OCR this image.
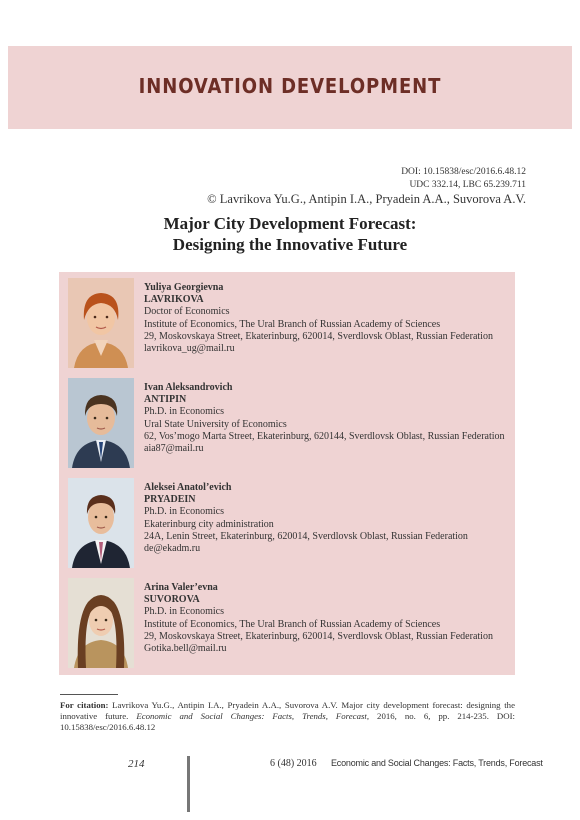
INNOVATION DEVELOPMENT
DOI: 10.15838/esc/2016.6.48.12
UDC 332.14, LBC 65.239.711
© Lavrikova Yu.G., Antipin I.A., Pryadein A.A., Suvorova A.V.
Major City Development Forecast:
Designing the Innovative Future
Yuliya Georgievna
LAVRIKOVA
Doctor of Economics
Institute of Economics, The Ural Branch of Russian Academy of Sciences
29, Moskovskaya Street, Ekaterinburg, 620014, Sverdlovsk Oblast, Russian Federation
lavrikova_ug@mail.ru
Ivan Aleksandrovich
ANTIPIN
Ph.D. in Economics
Ural State University of Economics
62, Vos’mogo Marta Street, Ekaterinburg, 620144, Sverdlovsk Oblast, Russian Federation
aia87@mail.ru
Aleksei Anatol’evich
PRYADEIN
Ph.D. in Economics
Ekaterinburg city administration
24A, Lenin Street, Ekaterinburg, 620014, Sverdlovsk Oblast, Russian Federation
de@ekadm.ru
Arina Valer’evna
SUVOROVA
Ph.D. in Economics
Institute of Economics, The Ural Branch of Russian Academy of Sciences
29, Moskovskaya Street, Ekaterinburg, 620014, Sverdlovsk Oblast, Russian Federation
Gotika.bell@mail.ru
For citation: Lavrikova Yu.G., Antipin I.A., Pryadein A.A., Suvorova A.V. Major city development forecast: designing the innovative future. Economic and Social Changes: Facts, Trends, Forecast, 2016, no. 6, pp. 214-235. DOI: 10.15838/esc/2016.6.48.12
214	6 (48) 2016 Economic and Social Changes: Facts, Trends, Forecast
